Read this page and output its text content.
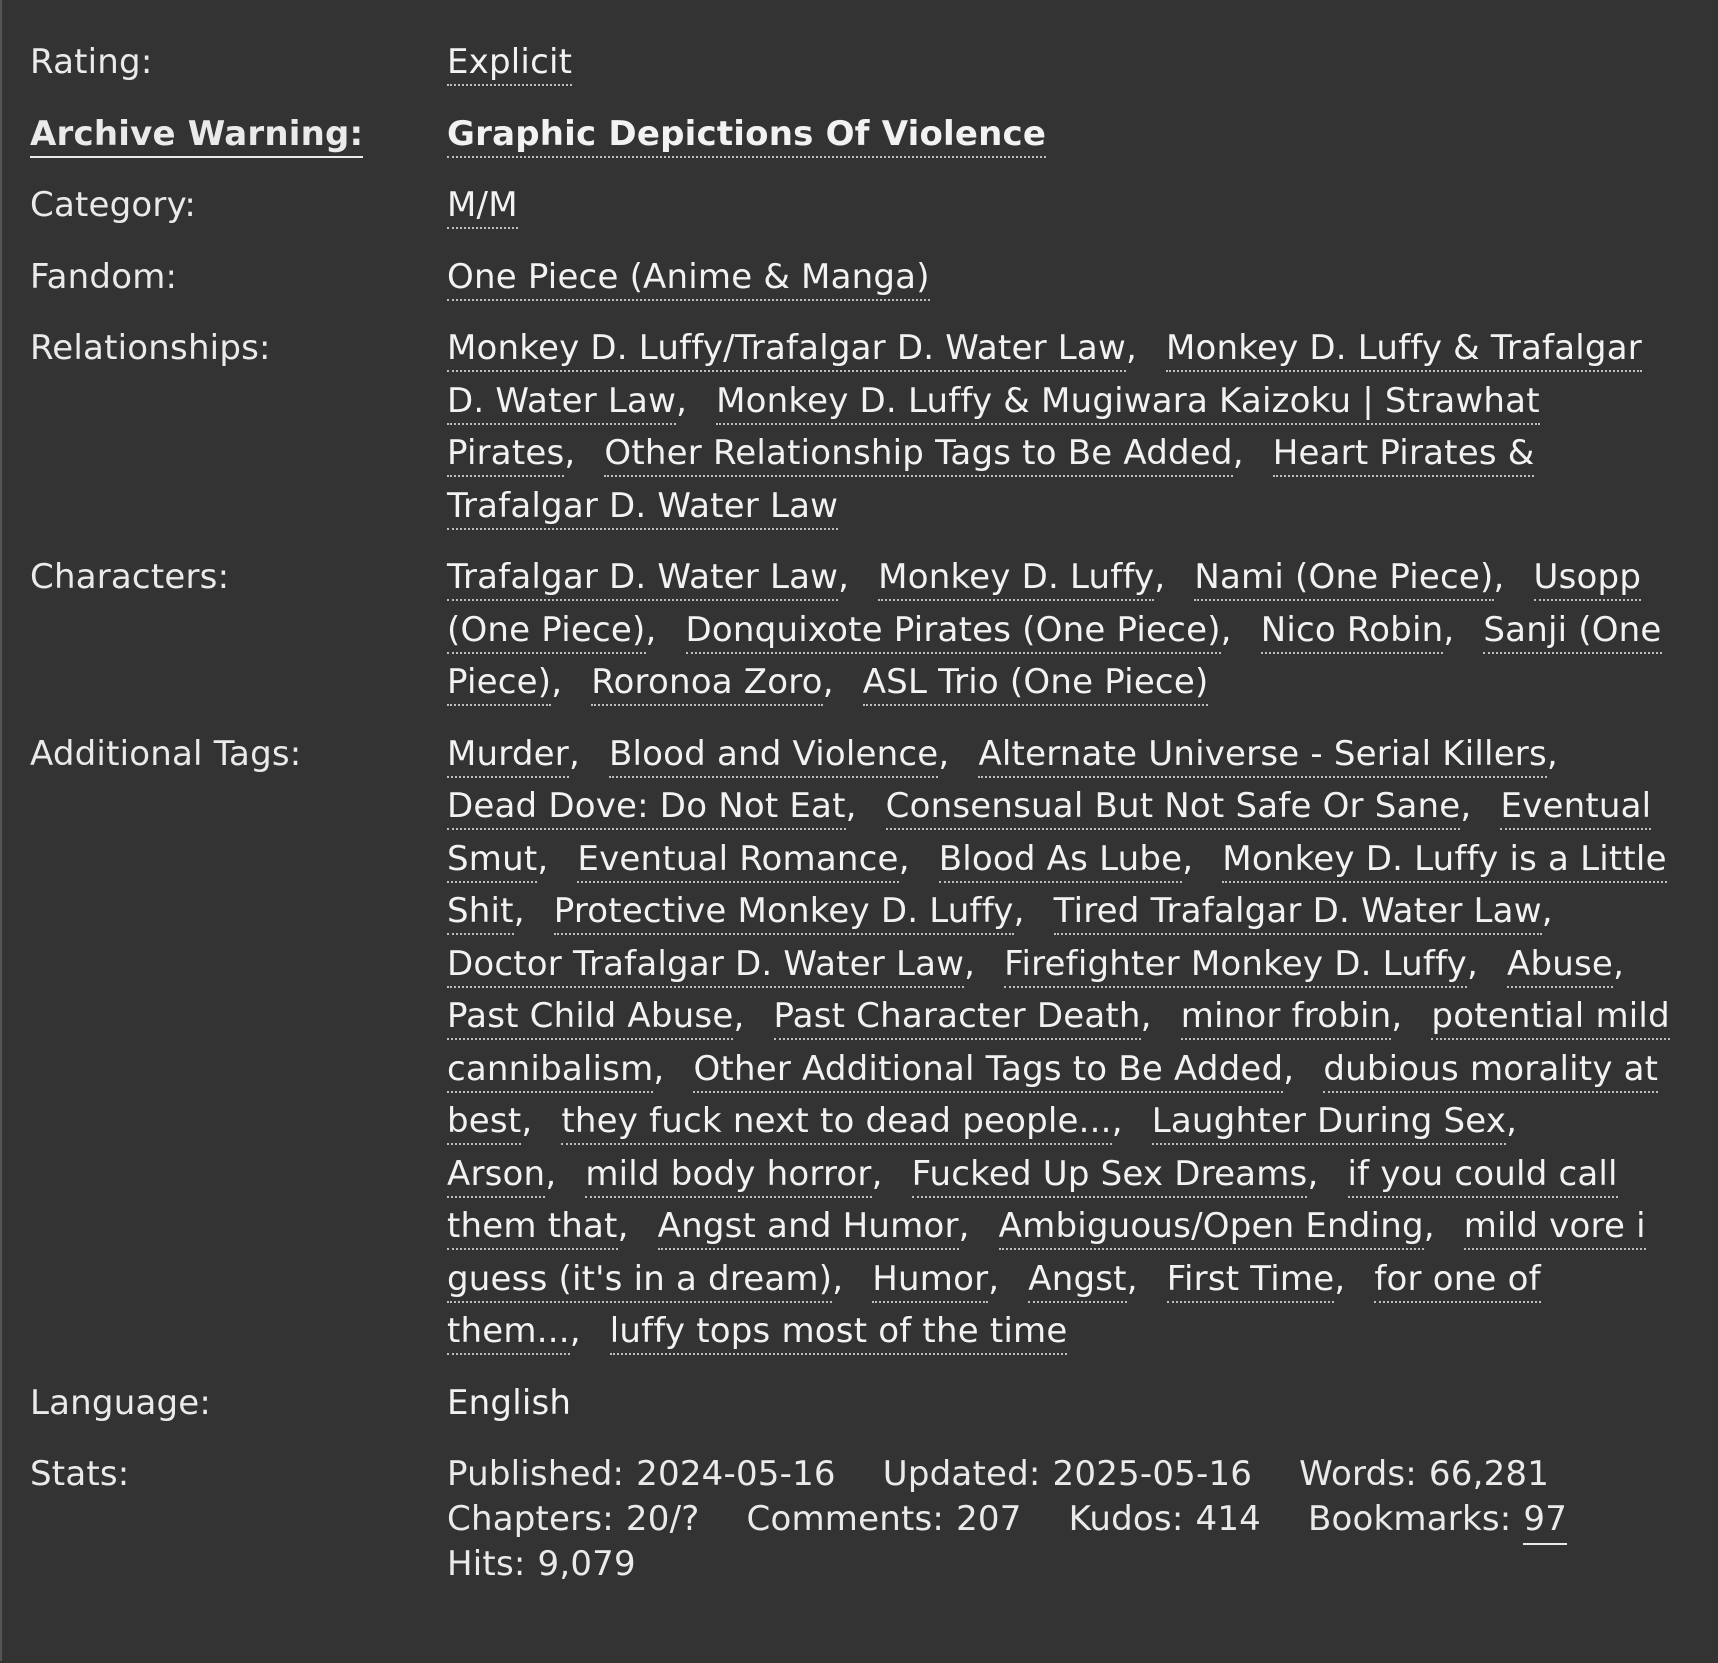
Rating:	Explicit
Archive Warning:	Graphic Depictions Of Violence
Category:	M/M
Fandom:	One Piece (Anime & Manga)
Relationships:	Monkey D. Luffy/Trafalgar D. Water Law, Monkey D. Luffy & Trafalgar D. Water Law, Monkey D. Luffy & Mugiwara Kaizoku | Strawhat Pirates, Other Relationship Tags to Be Added, Heart Pirates & Trafalgar D. Water Law
Characters:	Trafalgar D. Water Law, Monkey D. Luffy, Nami (One Piece), Usopp (One Piece), Donquixote Pirates (One Piece), Nico Robin, Sanji (One Piece), Roronoa Zoro, ASL Trio (One Piece)
Additional Tags:	Murder, Blood and Violence, Alternate Universe - Serial Killers, Dead Dove: Do Not Eat, Consensual But Not Safe Or Sane, Eventual Smut, Eventual Romance, Blood As Lube, Monkey D. Luffy is a Little Shit, Protective Monkey D. Luffy, Tired Trafalgar D. Water Law, Doctor Trafalgar D. Water Law, Firefighter Monkey D. Luffy, Abuse, Past Child Abuse, Past Character Death, minor frobin, potential mild cannibalism, Other Additional Tags to Be Added, dubious morality at best, they fuck next to dead people..., Laughter During Sex, Arson, mild body horror, Fucked Up Sex Dreams, if you could call them that, Angst and Humor, Ambiguous/Open Ending, mild vore i guess (it's in a dream), Humor, Angst, First Time, for one of them..., luffy tops most of the time
Language:	English
Stats:	Published: 2024-05-16 Updated: 2025-05-16 Words: 66,281
Chapters: 20/? Comments: 207 Kudos: 414 Bookmarks: 97
Hits: 9,079
